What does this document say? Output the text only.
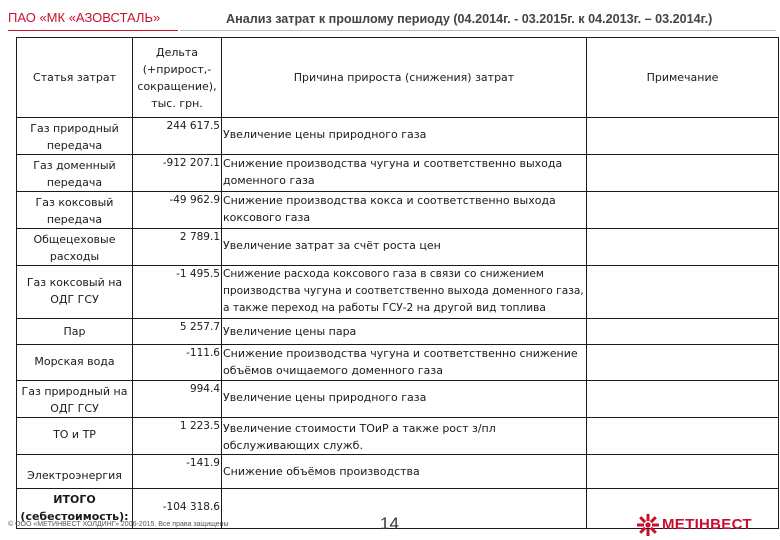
ПАО «МК «АЗОВСТАЛЬ»	Анализ затрат к прошлому периоду (04.2014г. - 03.2015г. к 04.2013г. – 03.2014г.)
Статья затрат	Дельта (+прирост,- сокращение), тыс. грн.	Причина прироста (снижения) затрат	Примечание
Газ природный передача	244 617.5	Увеличение цены природного газа	
Газ доменный передача	-912 207.1	Снижение производства чугуна и соответственно выхода доменного газа	
Газ коксовый передача	-49 962.9	Снижение производства кокса и соответственно выхода коксового газа	
Общецеховые расходы	2 789.1	Увеличение затрат за счёт роста цен	
Газ коксовый на ОДГ ГСУ	-1 495.5	Снижение расхода коксового газа в связи со снижением производства чугуна и соответственно выхода доменного газа, а также переход на работы ГСУ-2 на другой вид топлива	
Пар	5 257.7	Увеличение цены пара	
Морская вода	-111.6	Снижение производства чугуна и соответственно снижение объёмов очищаемого доменного газа	
Газ природный на ОДГ ГСУ	994.4	Увеличение цены природного газа	
ТО и ТР	1 223.5	Увеличение стоимости ТОиР а также рост з/пл обслуживающих служб.	
Электроэнергия	-141.9	Снижение объёмов производства	
ИТОГО (себестоимость):	-104 318.6		

© ООО «МЕТИНВЕСТ ХОЛДИНГ» 2006-2015. Все права защищены	14	МЕТІНВЕСТ
